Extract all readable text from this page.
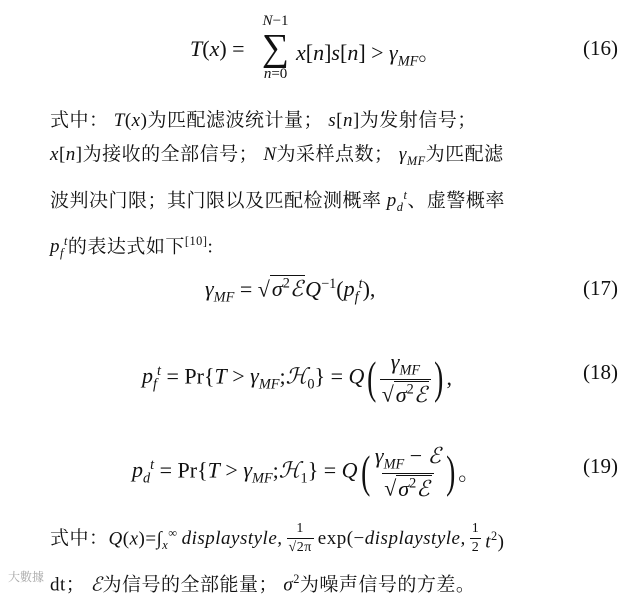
T(x) =
N−1
∑
n=0
$x[n]s[n] > \gamma_{MF}$。	(16)
式中： T(x)为匹配滤波统计量； s[n]为发射信号；
x[n]为接收的全部信号； N为采样点数； $\gamma_{MF}$为匹配滤
波判决门限；其门限以及匹配检测概率 $p_d^t$、虚警概率
$p_f^t$的表达式如下[10]:
$\gamma_{MF}$ = $√\sigma^2ℰQ^{-1}(p_f^t)$,	(17)
$p_f^t = Pr\{T$ > $\gamma_{MF};ℋ_0\} = Q$ ( $\frac{\gamma_{MF}}{√\sigma^2ℰ}$ ) ,	(18)
$p_d^t = Pr\{T$ > $\gamma_{MF};ℋ_1\} = Q$ ( $\frac{\gamma_{MF} - ℰ}{√\sigma^2ℰ}$ ) 。	(19)
式中： $Q(x)=\int_x^\infty$ displaystyle, $\frac{1}{√2\pi} \exp(-$ displaystyle, $\frac{1}{2} t^2$)
dt； ℰ为信号的全部能量； $\sigma^2$为噪声信号的方差。
大數據
